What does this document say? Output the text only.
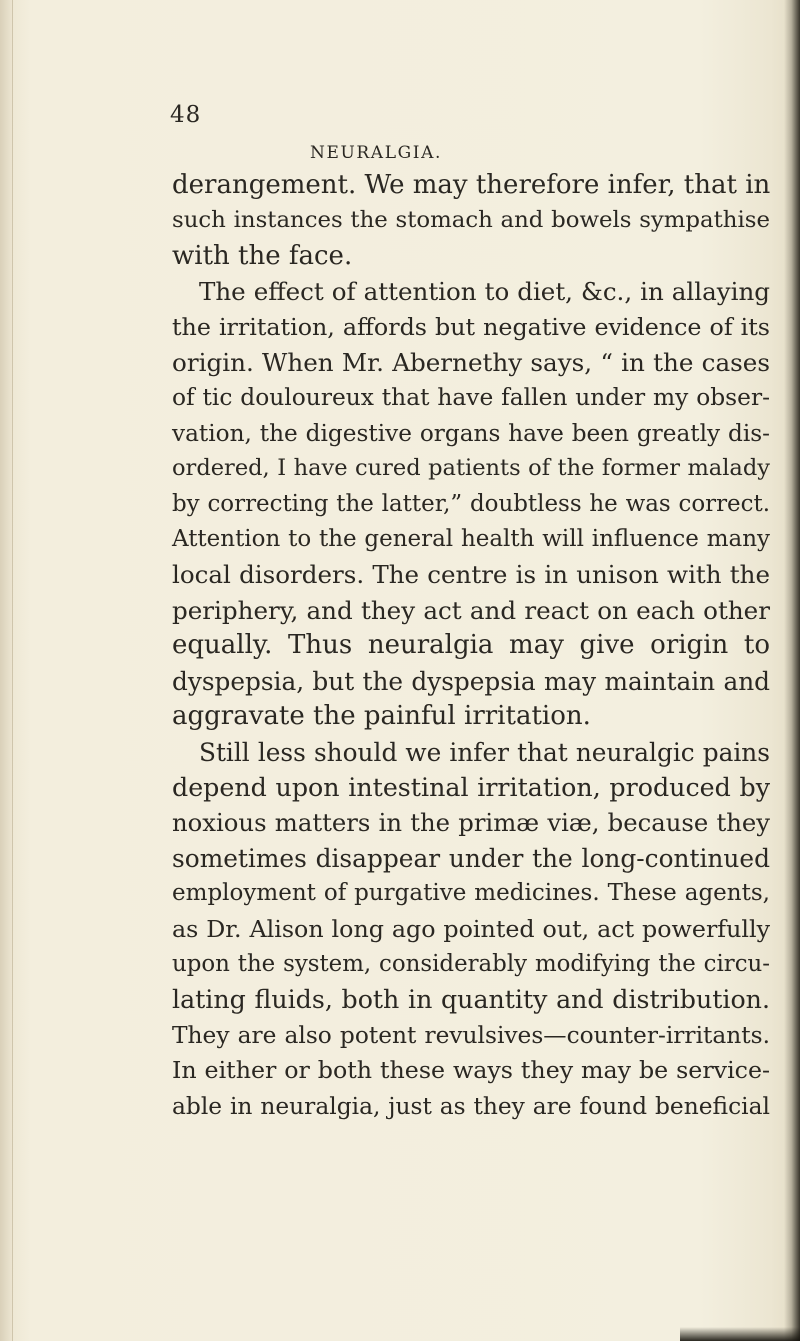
48
NEURALGIA.
derangement. We may therefore infer, that in
such instances the stomach and bowels sympathise
with the face.
The effect of attention to diet, &c., in allaying
the irritation, affords but negative evidence of its
origin. When Mr. Abernethy says, “ in the cases
of tic douloureux that have fallen under my obser-
vation, the digestive organs have been greatly dis-
ordered, I have cured patients of the former malady
by correcting the latter,” doubtless he was correct.
Attention to the general health will influence many
local disorders. The centre is in unison with the
periphery, and they act and react on each other
equally. Thus neuralgia may give origin to
dyspepsia, but the dyspepsia may maintain and
aggravate the painful irritation.
Still less should we infer that neuralgic pains
depend upon intestinal irritation, produced by
noxious matters in the primæ viæ, because they
sometimes disappear under the long-continued
employment of purgative medicines. These agents,
as Dr. Alison long ago pointed out, act powerfully
upon the system, considerably modifying the circu-
lating fluids, both in quantity and distribution.
They are also potent revulsives—counter-irritants.
In either or both these ways they may be service-
able in neuralgia, just as they are found beneficial
